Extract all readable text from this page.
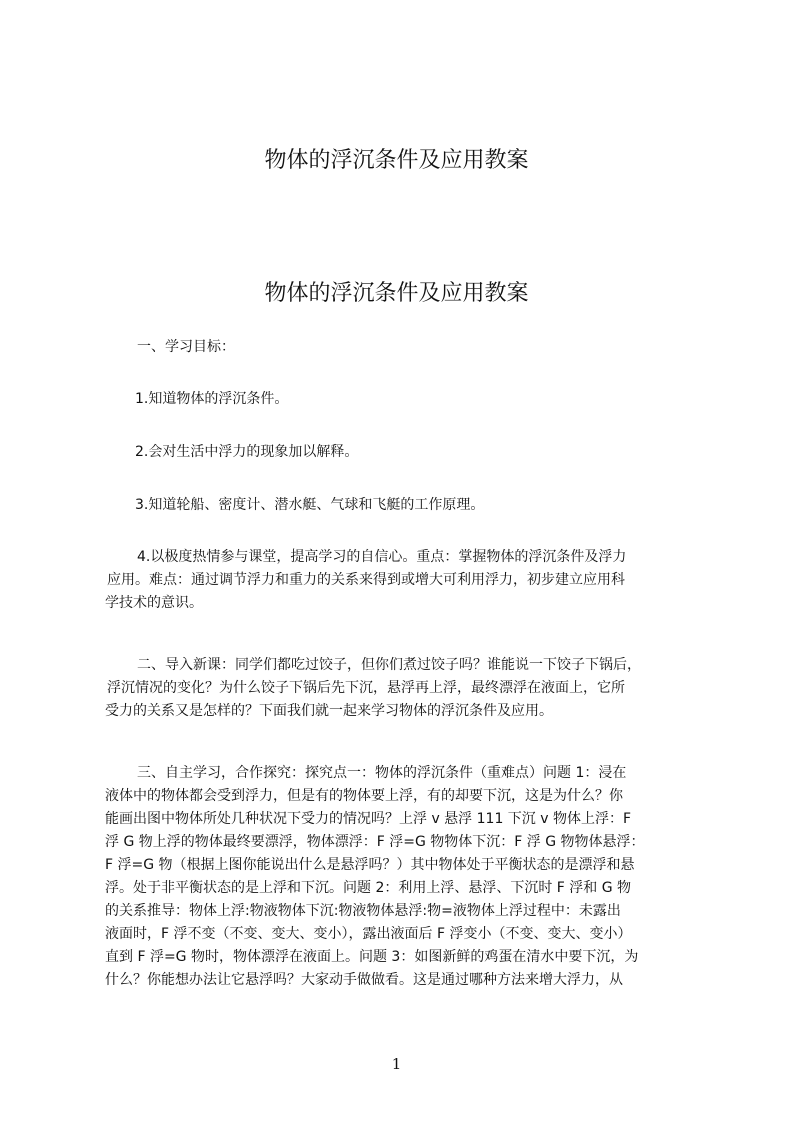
物体的浮沉条件及应用教案
物体的浮沉条件及应用教案

一、学习目标：

1.知道物体的浮沉条件。

2.会对生活中浮力的现象加以解释。

3.知道轮船、密度计、潜水艇、气球和飞艇的工作原理。

4.以极度热情参与课堂，提高学习的自信心。重点：掌握物体的浮沉条件及浮力
应用。难点：通过调节浮力和重力的关系来得到或增大可利用浮力，初步建立应用科
学技术的意识。
二、导入新课：同学们都吃过饺子，但你们煮过饺子吗？谁能说一下饺子下锅后，
浮沉情况的变化？为什么饺子下锅后先下沉，悬浮再上浮，最终漂浮在液面上，它所
受力的关系又是怎样的？下面我们就一起来学习物体的浮沉条件及应用。
三、自主学习，合作探究：探究点一：物体的浮沉条件（重难点）问题 1：浸在
液体中的物体都会受到浮力，但是有的物体要上浮，有的却要下沉，这是为什么？你
能画出图中物体所处几种状况下受力的情况吗？上浮 v 悬浮 111 下沉 v 物体上浮：F
浮 G 物上浮的物体最终要漂浮，物体漂浮：F 浮=G 物物体下沉：F 浮 G 物物体悬浮：
F 浮=G 物（根据上图你能说出什么是悬浮吗？）其中物体处于平衡状态的是漂浮和悬
浮。处于非平衡状态的是上浮和下沉。问题 2：利用上浮、悬浮、下沉时 F 浮和 G 物
的关系推导：物体上浮:物液物体下沉:物液物体悬浮:物=液物体上浮过程中：未露出
液面时，F 浮不变（不变、变大、变小），露出液面后 F 浮变小（不变、变大、变小）
直到 F 浮=G 物时，物体漂浮在液面上。问题 3：如图新鲜的鸡蛋在清水中要下沉，为
什么？你能想办法让它悬浮吗？大家动手做做看。这是通过哪种方法来增大浮力，从
1
